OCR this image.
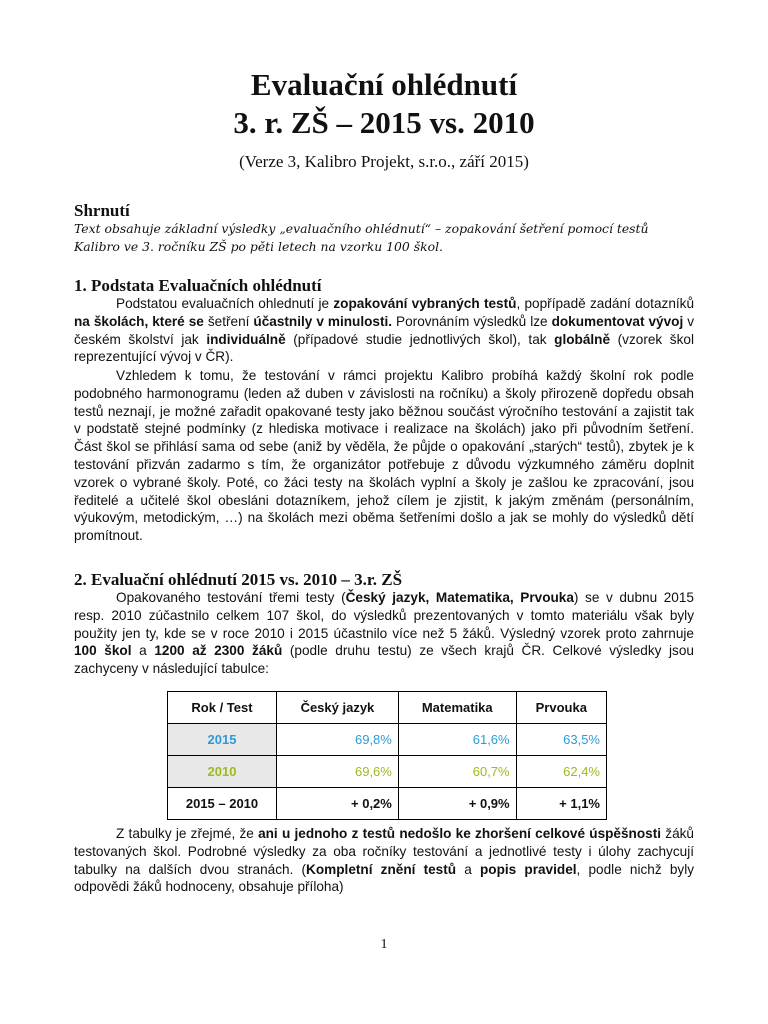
Evaluační ohlédnutí
3. r. ZŠ – 2015 vs. 2010
(Verze 3, Kalibro Projekt, s.r.o., září 2015)
Shrnutí
Text obsahuje základní výsledky „evaluačního ohlédnutí“ – zopakování šetření pomocí testů Kalibro ve 3. ročníku ZŠ po pěti letech na vzorku 100 škol.
1. Podstata Evaluačních ohlédnutí
Podstatou evaluačních ohlednutí je zopakování vybraných testů, popřípadě zadání dotazníků na školách, které se šetření účastnily v minulosti. Porovnáním výsledků lze dokumentovat vývoj v českém školství jak individuálně (případové studie jednotlivých škol), tak globálně (vzorek škol reprezentující vývoj v ČR).
Vzhledem k tomu, že testování v rámci projektu Kalibro probíhá každý školní rok podle podobného harmonogramu (leden až duben v závislosti na ročníku) a školy přirozeně dopředu obsah testů neznají, je možné zařadit opakované testy jako běžnou součást výročního testování a zajistit tak v podstatě stejné podmínky (z hlediska motivace i realizace na školách) jako při původním šetření. Část škol se přihlásí sama od sebe (aniž by věděla, že půjde o opakování „starých“ testů), zbytek je k testování přizván zadarmo s tím, že organizátor potřebuje z důvodu výzkumného záměru doplnit vzorek o vybrané školy. Poté, co žáci testy na školách vyplní a školy je zašlou ke zpracování, jsou ředitelé a učitelé škol obesláni dotazníkem, jehož cílem je zjistit, k jakým změnám (personálním, výukovým, metodickým, …) na školách mezi oběma šetřeními došlo a jak se mohly do výsledků dětí promítnout.
2. Evaluační ohlédnutí 2015 vs. 2010 – 3.r. ZŠ
Opakovaného testování třemi testy (Český jazyk, Matematika, Prvouka) se v dubnu 2015 resp. 2010 zúčastnilo celkem 107 škol, do výsledků prezentovaných v tomto materiálu však byly použity jen ty, kde se v roce 2010 i 2015 účastnilo více než 5 žáků. Výsledný vzorek proto zahrnuje 100 škol a 1200 až 2300 žáků (podle druhu testu) ze všech krajů ČR. Celkové výsledky jsou zachyceny v následující tabulce:
Rok / Test	Český jazyk	Matematika	Prvouka
2015	69,8%	61,6%	63,5%
2010	69,6%	60,7%	62,4%
2015 – 2010	+ 0,2%	+ 0,9%	+ 1,1%
Z tabulky je zřejmé, že ani u jednoho z testů nedošlo ke zhoršení celkové úspěšnosti žáků testovaných škol. Podrobné výsledky za oba ročníky testování a jednotlivé testy i úlohy zachycují tabulky na dalších dvou stranách. (Kompletní znění testů a popis pravidel, podle nichž byly odpovědi žáků hodnoceny, obsahuje příloha)
1
